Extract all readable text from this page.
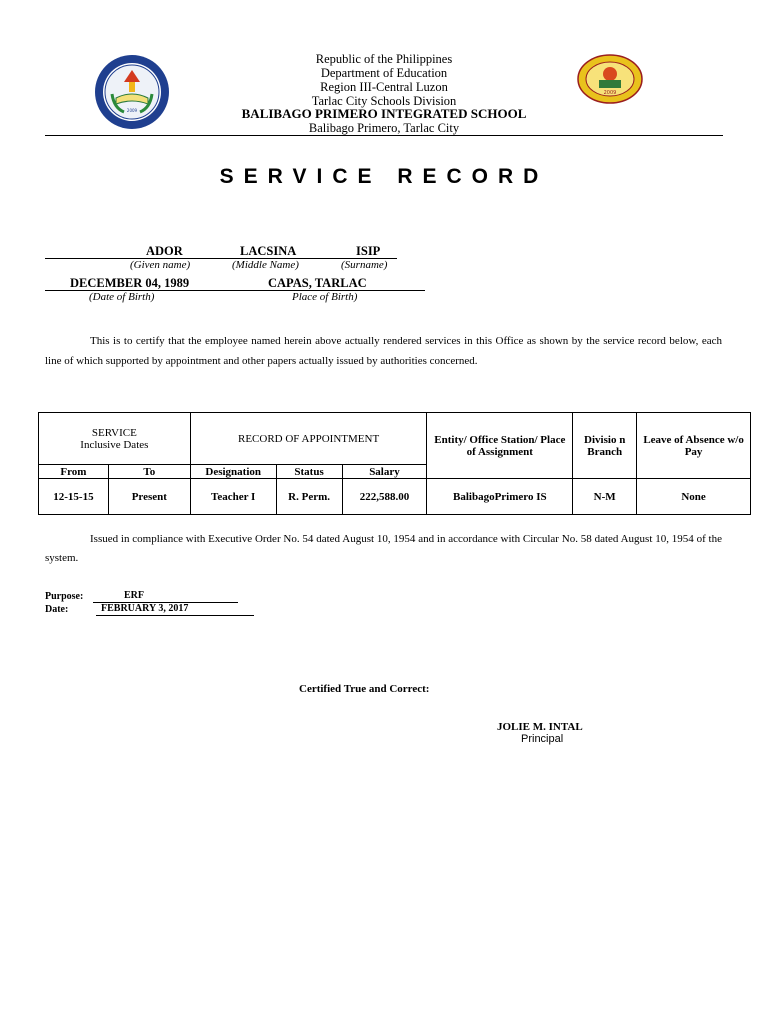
2009
2009
Republic of the Philippines
Department of Education
Region III-Central Luzon
Tarlac City Schools Division
BALIBAGO PRIMERO INTEGRATED SCHOOL
Balibago Primero, Tarlac City
SERVICE RECORD
ADOR	LACSINA	ISIP
(Given name)	(Middle Name)	(Surname)
DECEMBER 04, 1989	CAPAS, TARLAC
(Date of Birth)	Place of Birth)
This is to certify that the employee named herein above actually rendered services in this Office as shown by the service record below, each line of which supported by appointment and other papers actually issued by authorities concerned.
SERVICE
Inclusive Dates		RECORD OF APPOINTMENT			Entity/ Office Station/ Place of Assignment	Divisio n Branch	Leave of Absence w/o Pay
From	To	Designation	Status	Salary			
12-15-15	Present	Teacher I	R. Perm.	222,588.00	BalibagoPrimero IS	N-M	None
Issued in compliance with Executive Order No. 54 dated August 10, 1954 and in accordance with Circular No. 58 dated August 10, 1954 of the system.
Purpose:	ERF
Date:	FEBRUARY 3, 2017
Certified True and Correct:
JOLIE M. INTAL
Principal
